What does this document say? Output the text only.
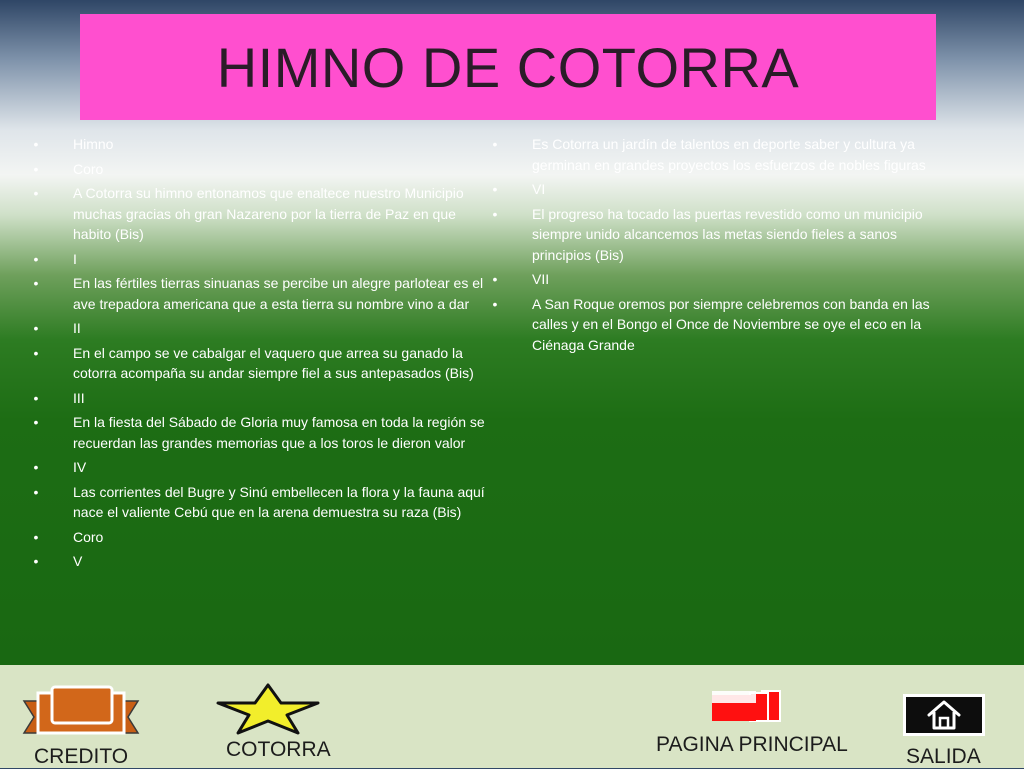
HIMNO DE COTORRA
• Himno
• Coro
• A Cotorra su himno entonamos que enaltece nuestro Municipio muchas gracias oh gran Nazareno por la tierra de Paz en que habito (Bis)
• I
• En las fértiles tierras sinuanas se percibe un alegre parlotear es el ave trepadora americana que a esta tierra su nombre vino a dar
• II
• En el campo se ve cabalgar el vaquero que arrea su ganado la cotorra acompaña su andar siempre fiel a sus antepasados (Bis)
• III
• En la fiesta del Sábado de Gloria muy famosa en toda la región se recuerdan las grandes memorias que a los toros le dieron valor
• IV
• Las corrientes del Bugre y Sinú embellecen la flora y la fauna aquí nace el valiente Cebú que en la arena demuestra su raza (Bis)
• Coro
• V
• Es Cotorra un jardín de talentos en deporte saber y cultura ya germinan en grandes proyectos los esfuerzos de nobles figuras
• VI
• El progreso ha tocado las puertas revestido como un municipio siempre unido alcancemos las metas siendo fieles a sanos principios (Bis)
• VII
• A San Roque oremos por siempre celebremos con banda en las calles y en el Bongo el Once de Noviembre se oye el eco en la Ciénaga Grande
CREDITO	COTORRA	PAGINA PRINCIPAL
SALIDA
